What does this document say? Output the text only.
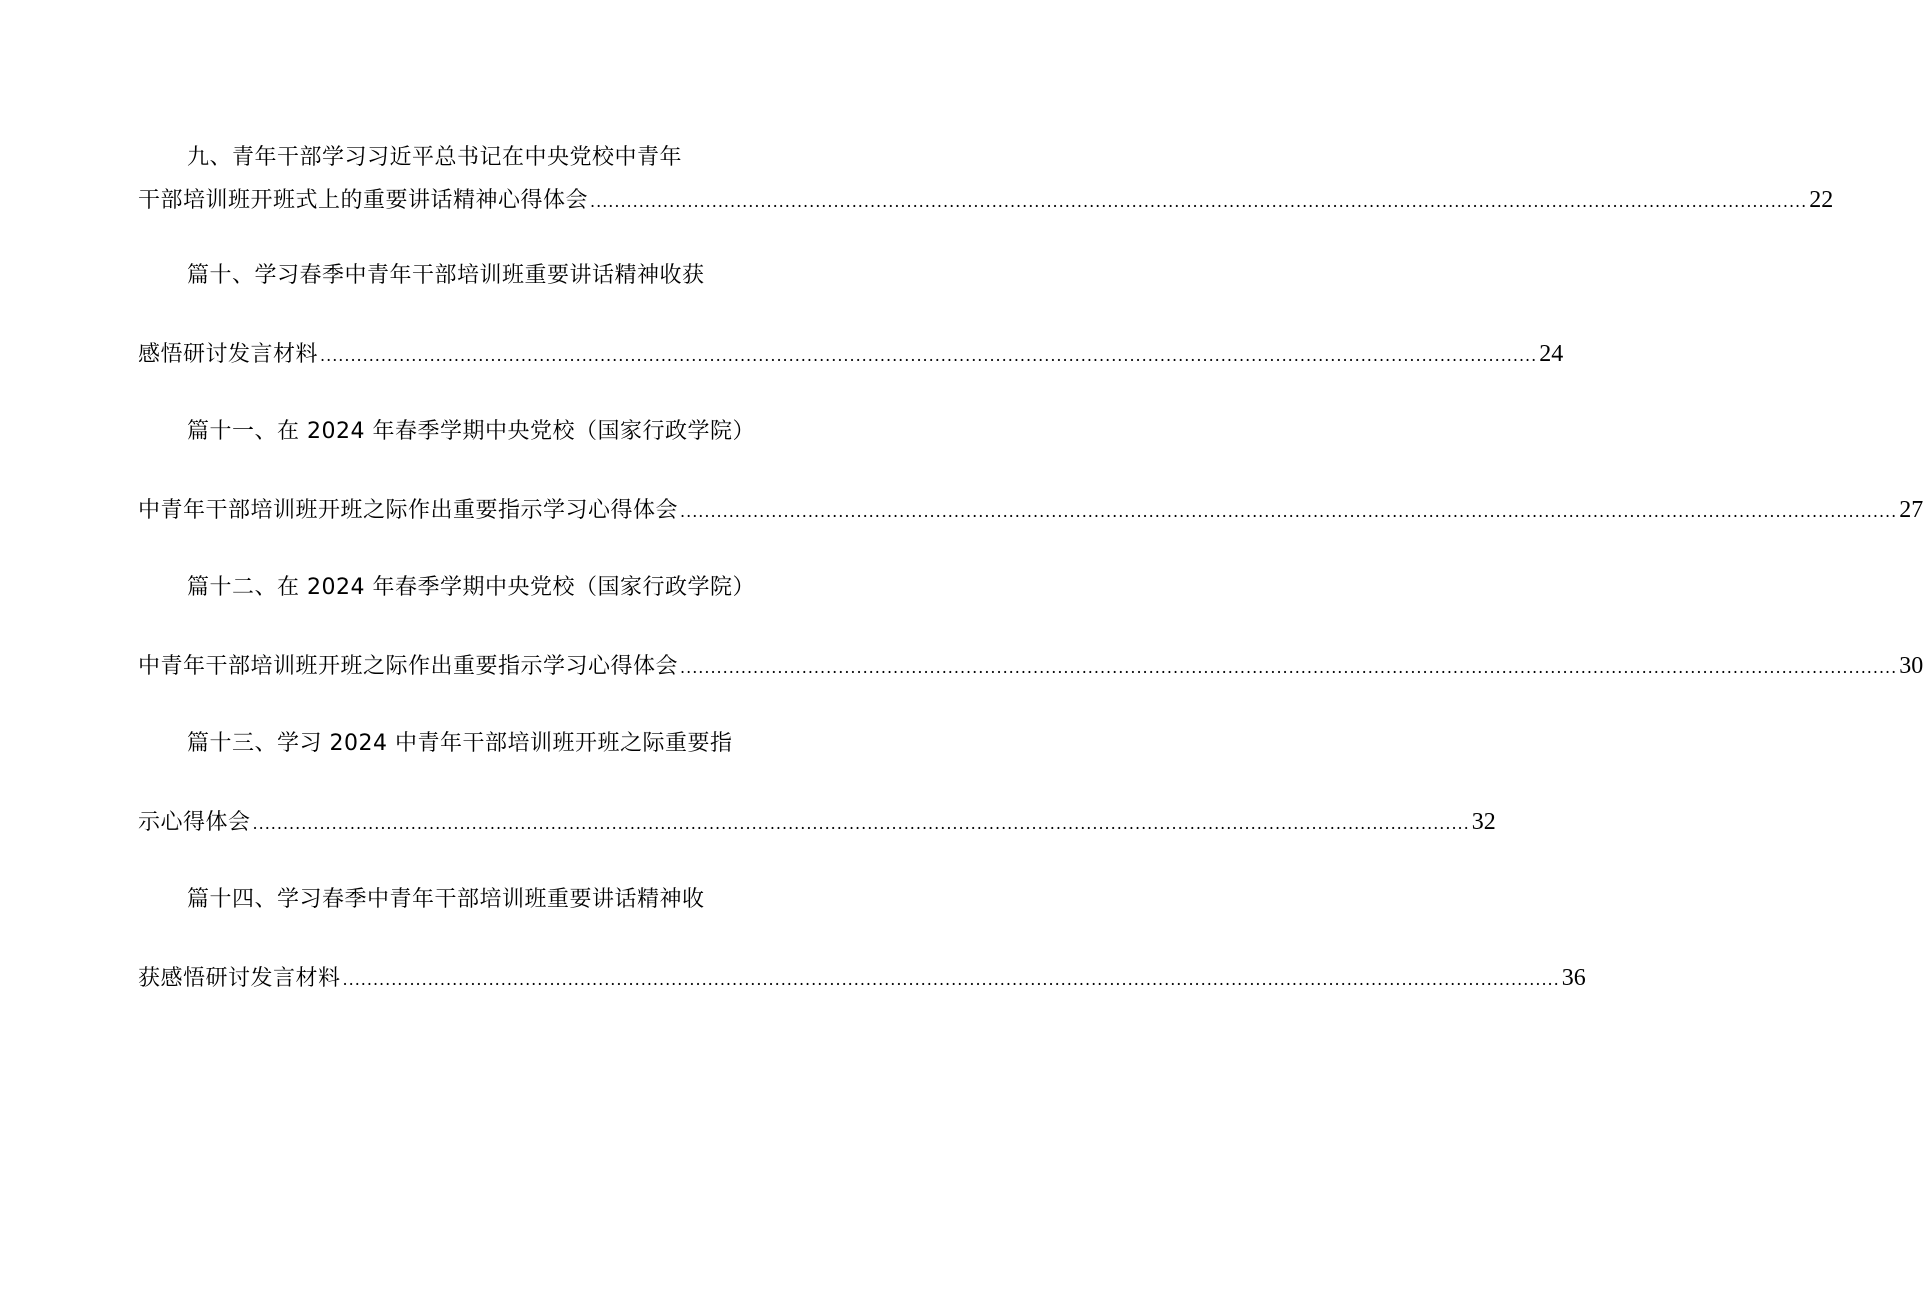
九、青年干部学习习近平总书记在中央党校中青年
干部培训班开班式上的重要讲话精神心得体会 ........................................................................................................................................................................................................ 22
篇十、学习春季中青年干部培训班重要讲话精神收获
感悟研讨发言材料 ........................................................................................................................................................................................................ 24
篇十一、在 2024 年春季学期中央党校（国家行政学院）
中青年干部培训班开班之际作出重要指示学习心得体会 ........................................................................................................................................................................................................ 27
篇十二、在 2024 年春季学期中央党校（国家行政学院）
中青年干部培训班开班之际作出重要指示学习心得体会 ........................................................................................................................................................................................................ 30
篇十三、学习 2024 中青年干部培训班开班之际重要指
示心得体会 ........................................................................................................................................................................................................ 32
篇十四、学习春季中青年干部培训班重要讲话精神收
获感悟研讨发言材料 ........................................................................................................................................................................................................ 36
